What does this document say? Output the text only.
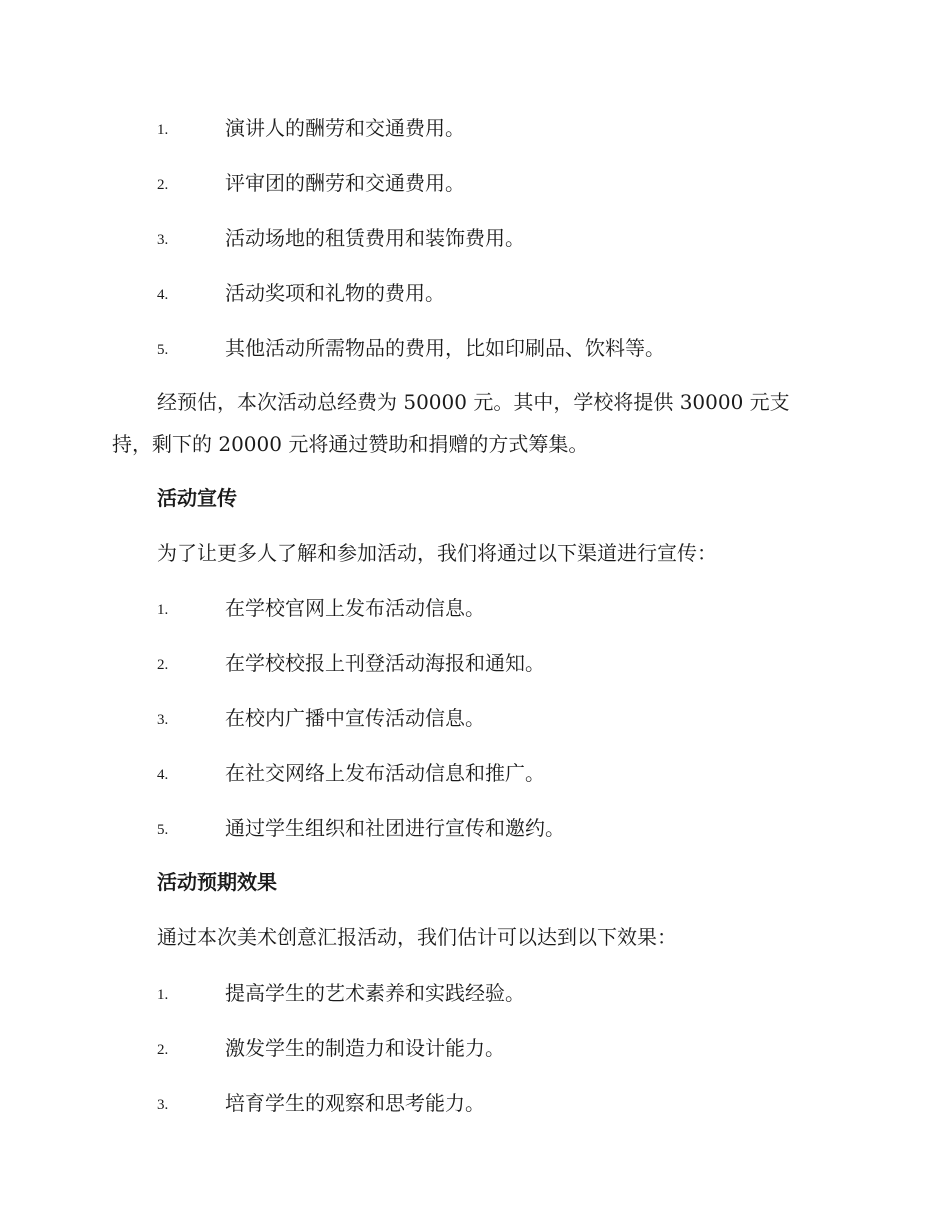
1.	演讲人的酬劳和交通费用。
2.	评审团的酬劳和交通费用。
3.	活动场地的租赁费用和装饰费用。
4.	活动奖项和礼物的费用。
5.	其他活动所需物品的费用，比如印刷品、饮料等。
经预估，本次活动总经费为 50000 元。其中，学校将提供 30000 元支
持，剩下的 20000 元将通过赞助和捐赠的方式筹集。
活动宣传
为了让更多人了解和参加活动，我们将通过以下渠道进行宣传：
1.	在学校官网上发布活动信息。
2.	在学校校报上刊登活动海报和通知。
3.	在校内广播中宣传活动信息。
4.	在社交网络上发布活动信息和推广。
5.	通过学生组织和社团进行宣传和邀约。
活动预期效果
通过本次美术创意汇报活动，我们估计可以达到以下效果：
1.	提高学生的艺术素养和实践经验。
2.	激发学生的制造力和设计能力。
3.	培育学生的观察和思考能力。
